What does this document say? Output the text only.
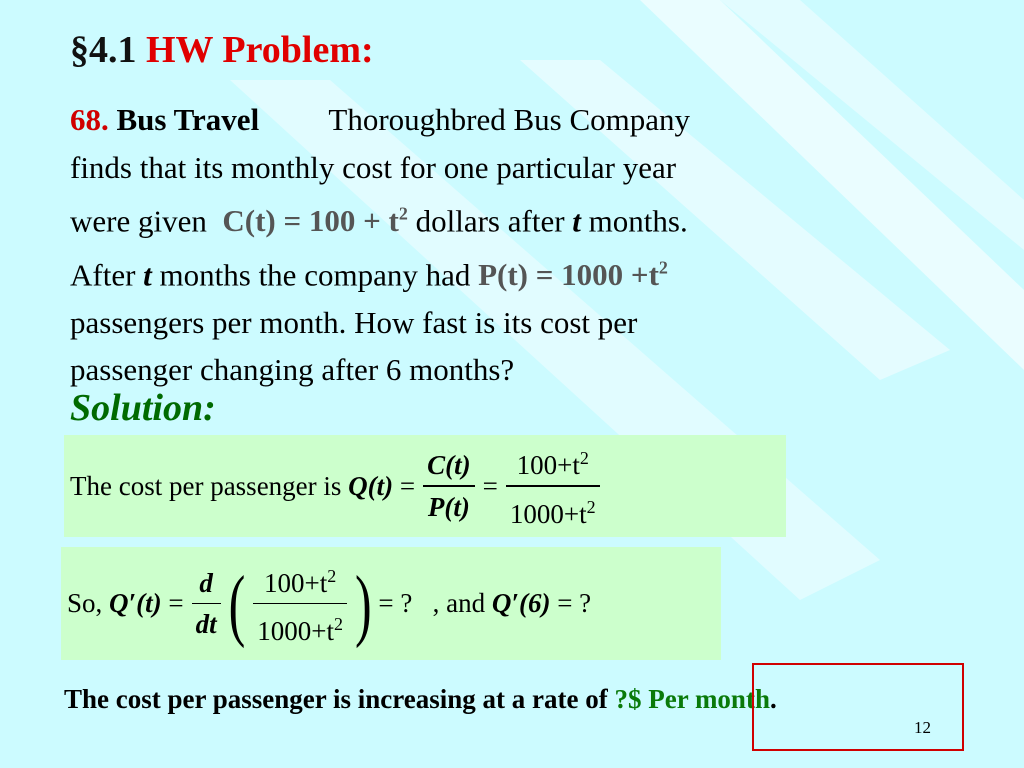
§4.1 HW Problem:
68. Bus Travel Thoroughbred Bus Company
finds that its monthly cost for one particular year
were given $C(t) = 100 + t^2$ dollars after t months.
After t months the company had $P(t) = 1000 +t^2$
passengers per month. How fast is its cost per
passenger changing after 6 months?
Solution:
The cost per passenger is
Q(t)
= $\frac{C(t)}{P(t)} = \frac{100+t^2}{1000+t^2}$
So,
Q′(t)
= $\frac{d}{dt}$ ( $\frac{100+t^2}{1000+t^2}$ )
= ?
, and
Q′(6)
= ?
The cost per passenger is increasing at a rate of ?$ Per month.
12
